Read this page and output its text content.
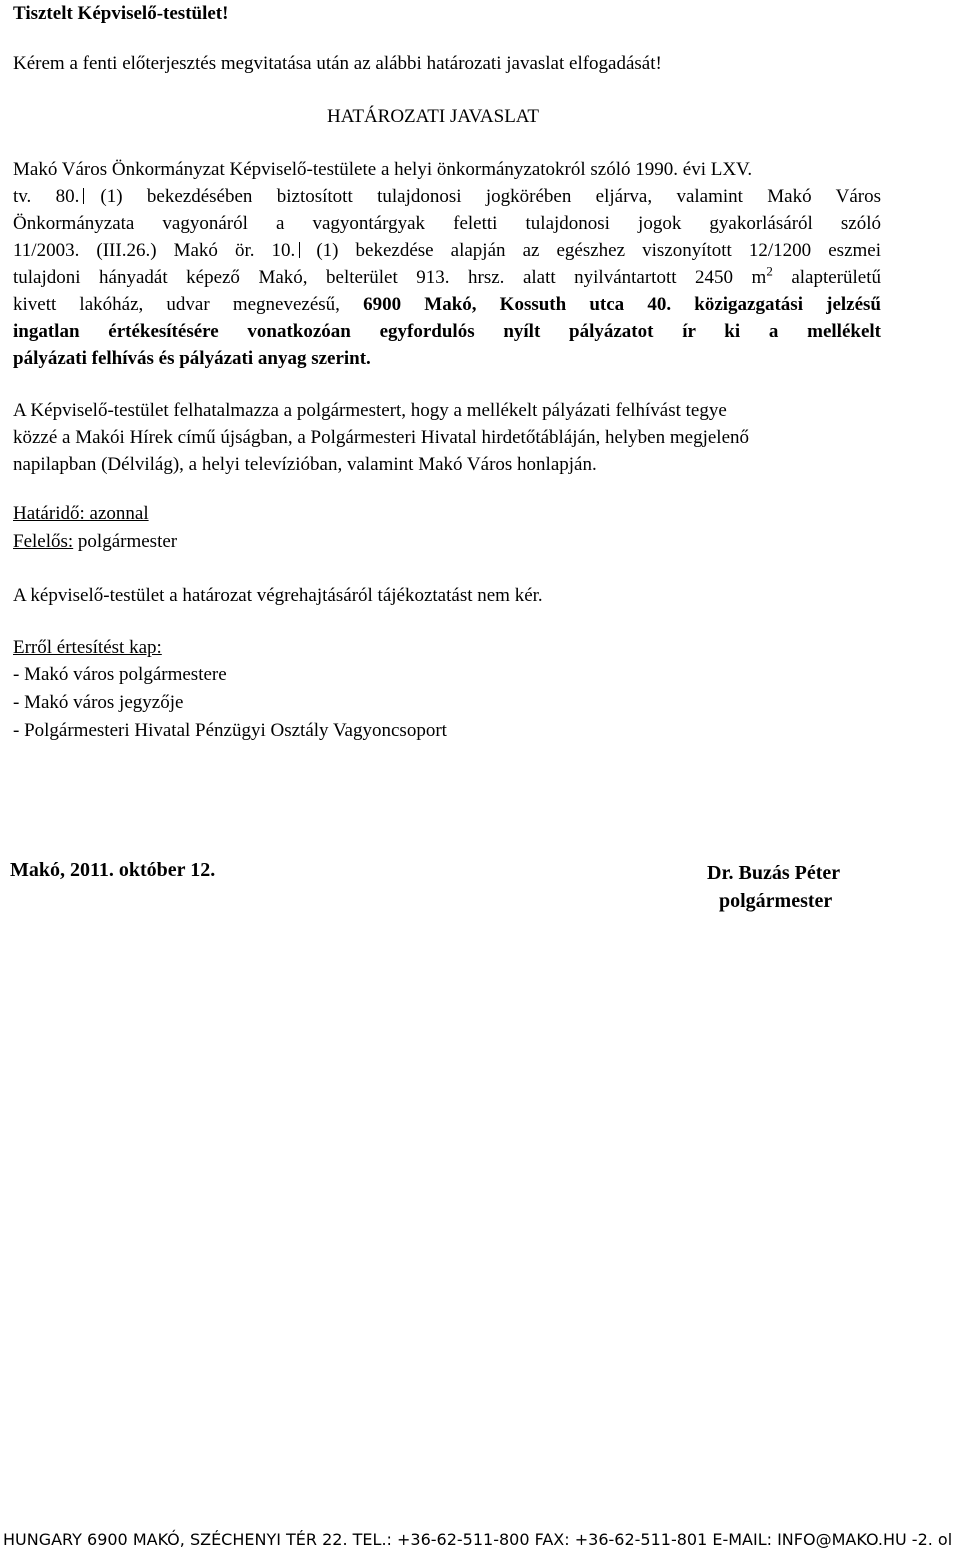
Tisztelt Képviselő-testület!
Kérem a fenti előterjesztés megvitatása után az alábbi határozati javaslat elfogadását!
HATÁROZATI JAVASLAT
Makó Város Önkormányzat Képviselő-testülete a helyi önkormányzatokról szóló 1990. évi LXV.
tv. 80. (1) bekezdésében biztosított tulajdonosi jogkörében eljárva, valamint Makó Város
Önkormányzata vagyonáról a vagyontárgyak feletti tulajdonosi jogok gyakorlásáról szóló
11/2003. (III.26.) Makó ör. 10. (1) bekezdése alapján az egészhez viszonyított 12/1200 eszmei
tulajdoni hányadát képező Makó, belterület 913. hrsz. alatt nyilvántartott 2450 $m^2$ alapterületű
kivett lakóház, udvar megnevezésű, 6900 Makó, Kossuth utca 40. közigazgatási jelzésű
ingatlan értékesítésére vonatkozóan egyfordulós nyílt pályázatot ír ki a mellékelt
pályázati felhívás és pályázati anyag szerint.
A Képviselő-testület felhatalmazza a polgármestert, hogy a mellékelt pályázati felhívást tegye
közzé a Makói Hírek című újságban, a Polgármesteri Hivatal hirdetőtábláján, helyben megjelenő
napilapban (Délvilág), a helyi televízióban, valamint Makó Város honlapján.
Határidő: azonnal
Felelős: polgármester
A képviselő-testület a határozat végrehajtásáról tájékoztatást nem kér.
Erről értesítést kap:
- Makó város polgármestere
- Makó város jegyzője
- Polgármesteri Hivatal Pénzügyi Osztály Vagyoncsoport
Makó, 2011. október 12.	Dr. Buzás Péter
polgármester
HUNGARY 6900 MAKÓ, SZÉCHENYI TÉR 22. TEL.: +36-62-511-800 FAX: +36-62-511-801 E-MAIL: INFO@MAKO.HU -2. ol
